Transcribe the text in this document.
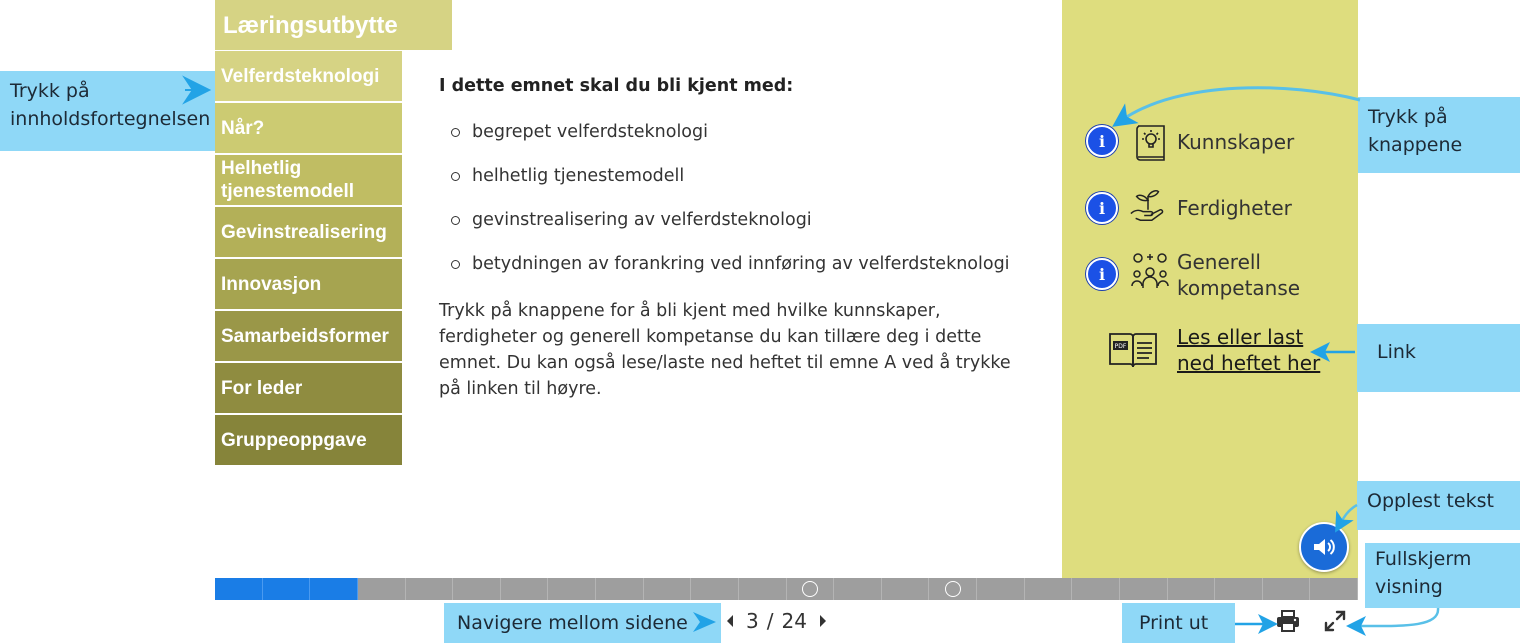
Læringsutbytte
Velferdsteknologi
Når?
Helhetlig tjenestemodell
Gevinstrealisering
Innovasjon
Samarbeidsformer
For leder
Gruppeoppgave
I dette emnet skal du bli kjent med:
begrepet velferdsteknologi
helhetlig tjenestemodell
gevinstrealisering av velferdsteknologi
betydningen av forankring ved innføring av velferdsteknologi

Trykk på knappene for å bli kjent med hvilke kunnskaper, ferdigheter og generell kompetanse du kan tillære deg i dette emnet. Du kan også lese/laste ned heftet til emne A ved å trykke på linken til høyre.

i	Kunnskaper
i	Ferdigheter
i	Generell kompetanse
PDF	Les eller last ned heftet her
3 / 24
Trykk på innholdsfortegnelsen	Trykk på knappene
Link
Opplest tekst
Fullskjerm visning
Navigere mellom sidene	Print ut
